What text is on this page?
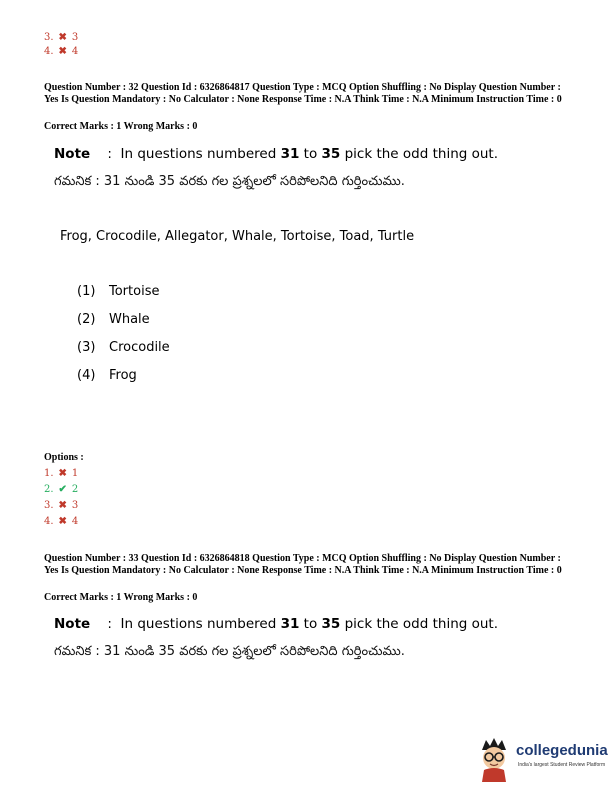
3. ✖ 3
4. ✖ 4
Question Number : 32 Question Id : 6326864817 Question Type : MCQ Option Shuffling : No Display Question Number : Yes Is Question Mandatory : No Calculator : None Response Time : N.A Think Time : N.A Minimum Instruction Time : 0
Correct Marks : 1 Wrong Marks : 0
Note : In questions numbered 31 to 35 pick the odd thing out.
గమనిక : 31 నుండి 35 వరకు గల ప్రశ్నలలో సరిపోలనిది గుర్తించుము.
Frog, Crocodile, Allegator, Whale, Tortoise, Toad, Turtle
(1) Tortoise
(2) Whale
(3) Crocodile
(4) Frog
Options :
1. ✖ 1
2. ✔ 2
3. ✖ 3
4. ✖ 4
Question Number : 33 Question Id : 6326864818 Question Type : MCQ Option Shuffling : No Display Question Number : Yes Is Question Mandatory : No Calculator : None Response Time : N.A Think Time : N.A Minimum Instruction Time : 0
Correct Marks : 1 Wrong Marks : 0
Note : In questions numbered 31 to 35 pick the odd thing out.
గమనిక : 31 నుండి 35 వరకు గల ప్రశ్నలలో సరిపోలనిది గుర్తించుము.
collegedunia
India's largest Student Review Platform
